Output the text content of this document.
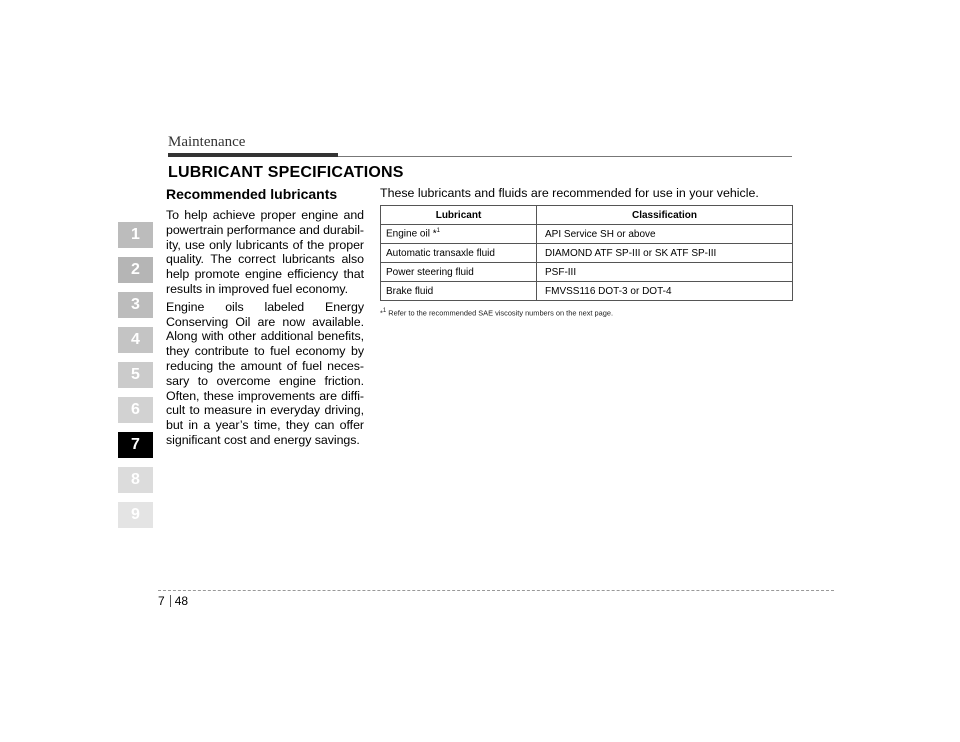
Maintenance
LUBRICANT SPECIFICATIONS
1
2
3
4
5
6
7
8
9
Recommended lubricants

To help achieve proper engine and powertrain performance and durabil-ity, use only lubricants of the proper quality. The correct lubricants also help promote engine efficiency that results in improved fuel economy.

Engine oils labeled Energy Conserving Oil are now available. Along with other additional benefits, they contribute to fuel economy by reducing the amount of fuel neces-sary to overcome engine friction. Often, these improvements are diffi-cult to measure in everyday driving, but in a year’s time, they can offer significant cost and energy savings.

These lubricants and fluids are recommended for use in your vehicle.
Lubricant	Classification
Engine oil *$^1$	API Service SH or above
Automatic transaxle fluid	DIAMOND ATF SP-III or SK ATF SP-III
Power steering fluid	PSF-III
Brake fluid	FMVSS116 DOT-3 or DOT-4
*$^1$ Refer to the recommended SAE viscosity numbers on the next page.
7 48
